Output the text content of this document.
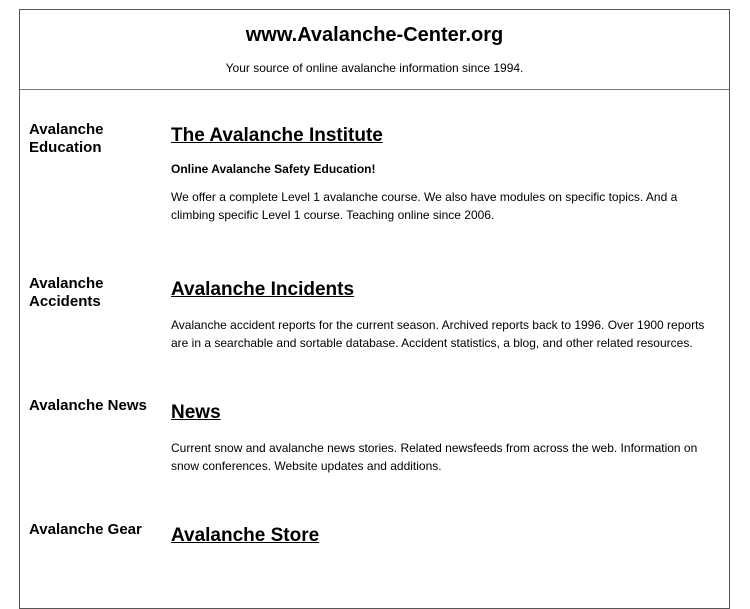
www.Avalanche-Center.org
Your source of online avalanche information since 1994.
Avalanche Education
The Avalanche Institute
Online Avalanche Safety Education!
We offer a complete Level 1 avalanche course. We also have modules on specific topics. And a climbing specific Level 1 course. Teaching online since 2006.
Avalanche Accidents
Avalanche Incidents
Avalanche accident reports for the current season. Archived reports back to 1996. Over 1900 reports are in a searchable and sortable database. Accident statistics, a blog, and other related resources.
Avalanche News	News
Current snow and avalanche news stories. Related newsfeeds from across the web. Information on snow conferences. Website updates and additions.
Avalanche Gear	Avalanche Store
